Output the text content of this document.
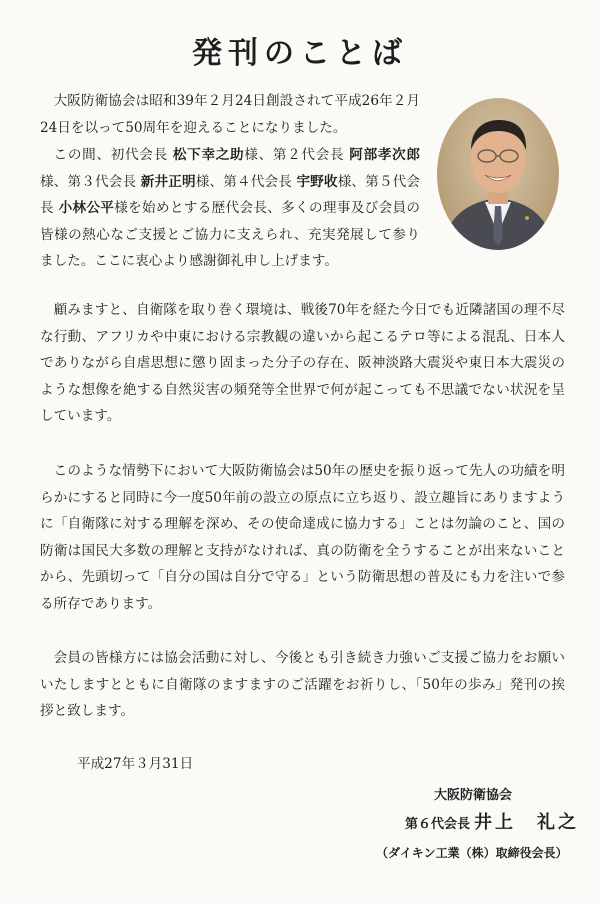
発刊のことば
大阪防衛協会は昭和39年２月24日創設されて平成26年２月24日を以って50周年を迎えることになりました。
この間、初代会長 松下幸之助様、第２代会長 阿部孝次郎様、第３代会長 新井正明様、第４代会長 宇野收様、第５代会長 小林公平様を始めとする歴代会長、多くの理事及び会員の皆様の熱心なご支援とご協力に支えられ、充実発展して参りました。ここに衷心より感謝御礼申し上げます。
顧みますと、自衛隊を取り巻く環境は、戦後70年を経た今日でも近隣諸国の理不尽な行動、アフリカや中東における宗教観の違いから起こるテロ等による混乱、日本人でありながら自虐思想に懲り固まった分子の存在、阪神淡路大震災や東日本大震災のような想像を絶する自然災害の頻発等全世界で何が起こっても不思議でない状況を呈しています。
このような情勢下において大阪防衛協会は50年の歴史を振り返って先人の功績を明らかにすると同時に今一度50年前の設立の原点に立ち返り、設立趣旨にありますように「自衛隊に対する理解を深め、その使命達成に協力する」ことは勿論のこと、国の防衛は国民大多数の理解と支持がなければ、真の防衛を全うすることが出来ないことから、先頭切って「自分の国は自分で守る」という防衛思想の普及にも力を注いで参る所存であります。
会員の皆様方には協会活動に対し、今後とも引き続き力強いご支援ご協力をお願いいたしますとともに自衛隊のますますのご活躍をお祈りし、「50年の歩み」発刊の挨拶と致します。
平成27年３月31日
大阪防衛協会
第６代会長 井上　礼之
（ダイキン工業（株）取締役会長）
